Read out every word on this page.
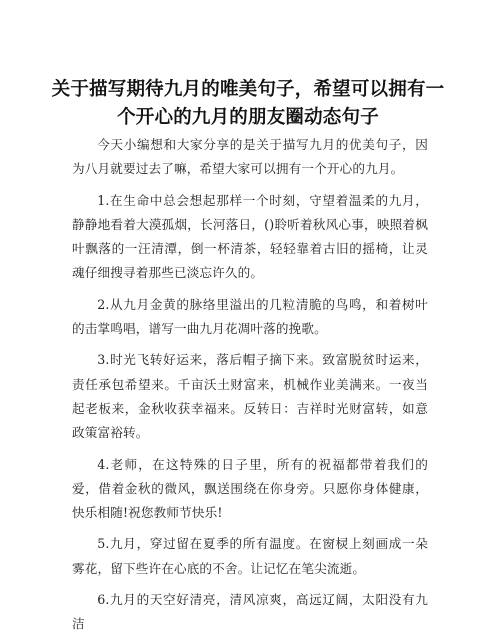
关于描写期待九月的唯美句子，希望可以拥有一个开心的九月的朋友圈动态句子

今天小编想和大家分享的是关于描写九月的优美句子，因为八月就要过去了嘛，希望大家可以拥有一个开心的九月。

1.在生命中总会想起那样一个时刻，守望着温柔的九月，静静地看着大漠孤烟，长河落日，()聆听着秋风心事，映照着枫叶飘落的一汪清潭，倒一杯清茶，轻轻靠着古旧的摇椅，让灵魂仔细搜寻着那些已淡忘许久的。

2.从九月金黄的脉络里溢出的几粒清脆的鸟鸣，和着树叶的击掌鸣唱，谱写一曲九月花凋叶落的挽歌。

3.时光飞转好运来，落后帽子摘下来。致富脱贫时运来，责任承包希望来。千亩沃土财富来，机械作业美满来。一夜当起老板来，金秋收获幸福来。反转日：吉祥时光财富转，如意政策富裕转。

4.老师，在这特殊的日子里，所有的祝福都带着我们的爱，借着金秋的微风，飘送围绕在你身旁。只愿你身体健康，快乐相随!祝您教师节快乐!

5.九月，穿过留在夏季的所有温度。在窗棂上刻画成一朵雾花，留下些许在心底的不舍。让记忆在笔尖流逝。

6.九月的天空好清亮，清风凉爽，高远辽阔，太阳没有九洁
